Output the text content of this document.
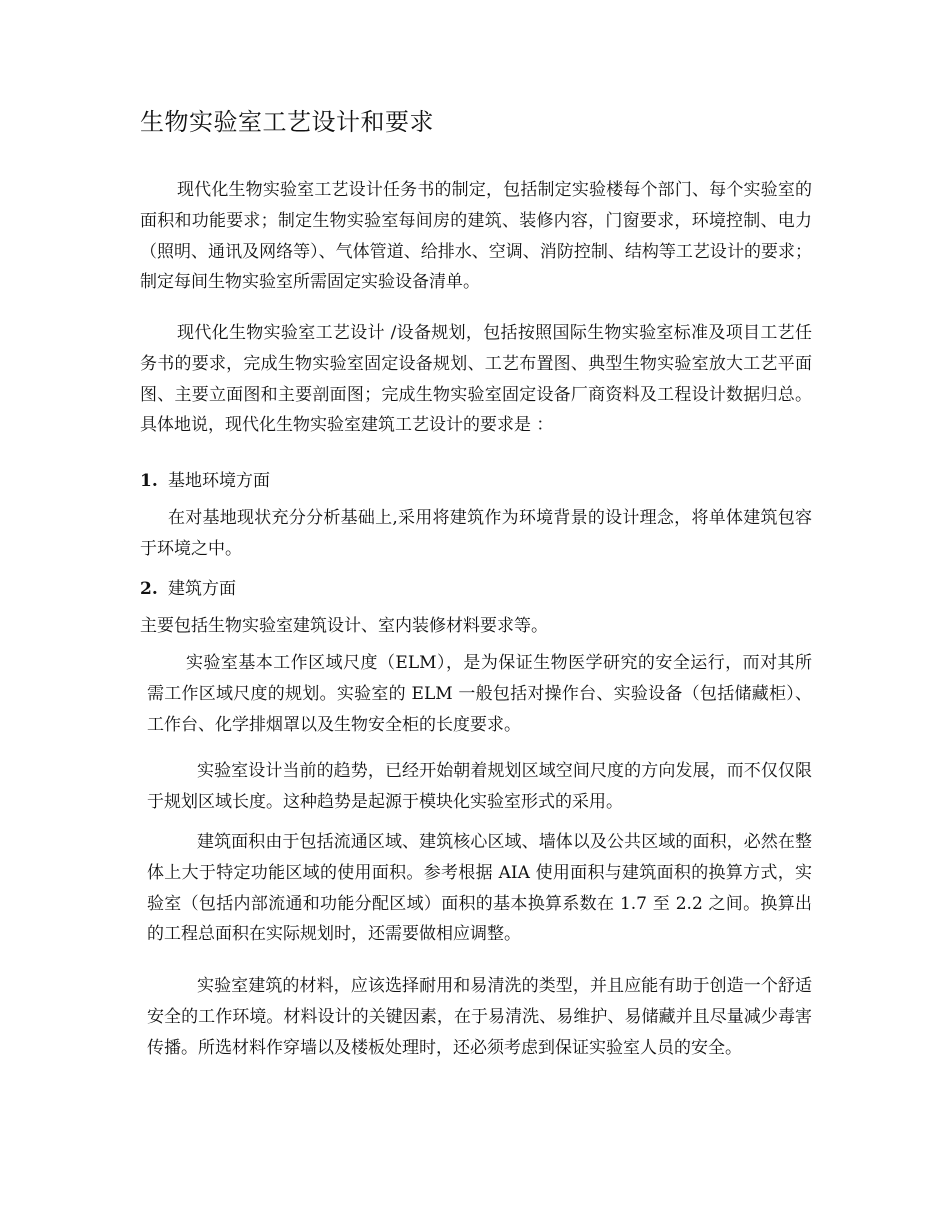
生物实验室工艺设计和要求

现代化生物实验室工艺设计任务书的制定，包括制定实验楼每个部门、每个实验室的面积和功能要求；制定生物实验室每间房的建筑、装修内容，门窗要求，环境控制、电力（照明、通讯及网络等）、气体管道、给排水、空调、消防控制、结构等工艺设计的要求；制定每间生物实验室所需固定实验设备清单。

现代化生物实验室工艺设计 /设备规划，包括按照国际生物实验室标准及项目工艺任务书的要求，完成生物实验室固定设备规划、工艺布置图、典型生物实验室放大工艺平面图、主要立面图和主要剖面图；完成生物实验室固定设备厂商资料及工程设计数据归总。具体地说，现代化生物实验室建筑工艺设计的要求是 ：

1. 基地环境方面

在对基地现状充分分析基础上,采用将建筑作为环境背景的设计理念，将单体建筑包容于环境之中。

2. 建筑方面

主要包括生物实验室建筑设计、室内装修材料要求等。

实验室基本工作区域尺度（ELM），是为保证生物医学研究的安全运行，而对其所需工作区域尺度的规划。实验室的 ELM 一般包括对操作台、实验设备（包括储藏柜）、工作台、化学排烟罩以及生物安全柜的长度要求。

实验室设计当前的趋势，已经开始朝着规划区域空间尺度的方向发展，而不仅仅限于规划区域长度。这种趋势是起源于模块化实验室形式的采用。

建筑面积由于包括流通区域、建筑核心区域、墙体以及公共区域的面积，必然在整体上大于特定功能区域的使用面积。参考根据 AIA 使用面积与建筑面积的换算方式，实验室（包括内部流通和功能分配区域）面积的基本换算系数在 1.7 至 2.2 之间。换算出的工程总面积在实际规划时，还需要做相应调整。

实验室建筑的材料，应该选择耐用和易清洗的类型，并且应能有助于创造一个舒适安全的工作环境。材料设计的关键因素，在于易清洗、易维护、易储藏并且尽量减少毒害传播。所选材料作穿墙以及楼板处理时，还必须考虑到保证实验室人员的安全。
